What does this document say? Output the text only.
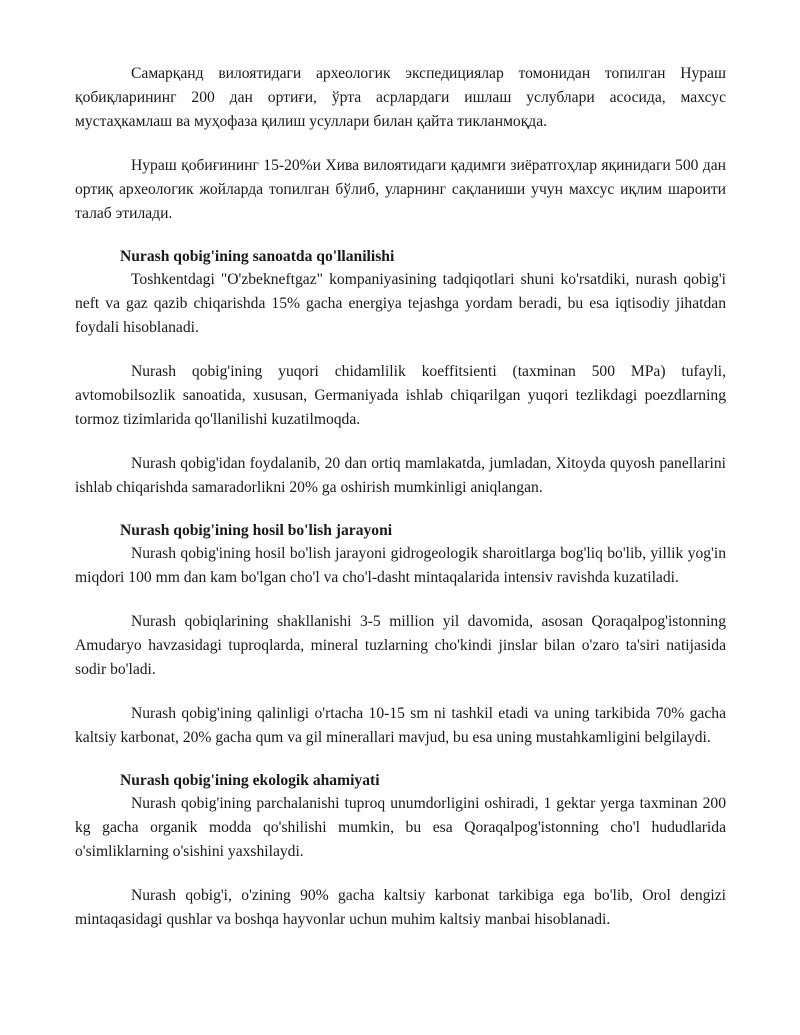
Самарқанд вилоятидаги археологик экспедициялар томонидан топилган Нураш қобиқларининг 200 дан ортиғи, ўрта асрлардаги ишлаш услублари асосида, махсус мустаҳкамлаш ва муҳофаза қилиш усуллари билан қайта тикланмоқда.

Нураш қобиғининг 15-20%и Хива вилоятидаги қадимги зиёратгоҳлар яқинидаги 500 дан ортиқ археологик жойларда топилган бўлиб, уларнинг сақланиши учун махсус иқлим шароити талаб этилади.

Nurash qobig'ining sanoatda qo'llanilishi

Toshkentdagi "O'zbekneftgaz" kompaniyasining tadqiqotlari shuni ko'rsatdiki, nurash qobig'i neft va gaz qazib chiqarishda 15% gacha energiya tejashga yordam beradi, bu esa iqtisodiy jihatdan foydali hisoblanadi.

Nurash qobig'ining yuqori chidamlilik koeffitsienti (taxminan 500 MPa) tufayli, avtomobilsozlik sanoatida, xususan, Germaniyada ishlab chiqarilgan yuqori tezlikdagi poezdlarning tormoz tizimlarida qo'llanilishi kuzatilmoqda.

Nurash qobig'idan foydalanib, 20 dan ortiq mamlakatda, jumladan, Xitoyda quyosh panellarini ishlab chiqarishda samaradorlikni 20% ga oshirish mumkinligi aniqlangan.

Nurash qobig'ining hosil bo'lish jarayoni

Nurash qobig'ining hosil bo'lish jarayoni gidrogeologik sharoitlarga bog'liq bo'lib, yillik yog'in miqdori 100 mm dan kam bo'lgan cho'l va cho'l-dasht mintaqalarida intensiv ravishda kuzatiladi.

Nurash qobiqlarining shakllanishi 3-5 million yil davomida, asosan Qoraqalpog'istonning Amudaryo havzasidagi tuproqlarda, mineral tuzlarning cho'kindi jinslar bilan o'zaro ta'siri natijasida sodir bo'ladi.

Nurash qobig'ining qalinligi o'rtacha 10-15 sm ni tashkil etadi va uning tarkibida 70% gacha kaltsiy karbonat, 20% gacha qum va gil minerallari mavjud, bu esa uning mustahkamligini belgilaydi.

Nurash qobig'ining ekologik ahamiyati

Nurash qobig'ining parchalanishi tuproq unumdorligini oshiradi, 1 gektar yerga taxminan 200 kg gacha organik modda qo'shilishi mumkin, bu esa Qoraqalpog'istonning cho'l hududlarida o'simliklarning o'sishini yaxshilaydi.

Nurash qobig'i, o'zining 90% gacha kaltsiy karbonat tarkibiga ega bo'lib, Orol dengizi mintaqasidagi qushlar va boshqa hayvonlar uchun muhim kaltsiy manbai hisoblanadi.
